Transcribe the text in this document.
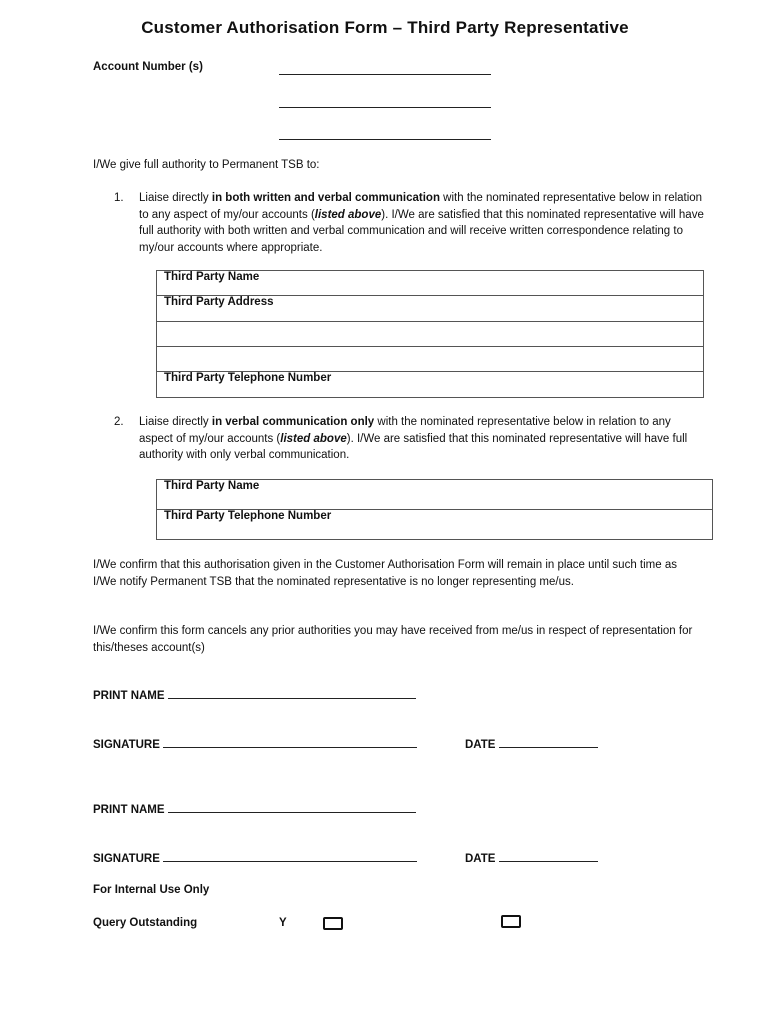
Customer Authorisation Form – Third Party Representative
Account Number (s)
I/We give full authority to Permanent TSB to:
1. Liaise directly in both written and verbal communication with the nominated representative below in relation to any aspect of my/our accounts (listed above). I/We are satisfied that this nominated representative will have full authority with both written and verbal communication and will receive written correspondence relating to my/our accounts where appropriate.
Third Party Name
Third Party Address

Third Party Telephone Number
2. Liaise directly in verbal communication only with the nominated representative below in relation to any aspect of my/our accounts (listed above). I/We are satisfied that this nominated representative will have full authority with only verbal communication.
Third Party Name
Third Party Telephone Number
I/We confirm that this authorisation given in the Customer Authorisation Form will remain in place until such time as I/We notify Permanent TSB that the nominated representative is no longer representing me/us.
I/We confirm this form cancels any prior authorities you may have received from me/us in respect of representation for this/theses account(s)
PRINT NAME
SIGNATURE	DATE
PRINT NAME
SIGNATURE	DATE
For Internal Use Only
Query Outstanding	Y
